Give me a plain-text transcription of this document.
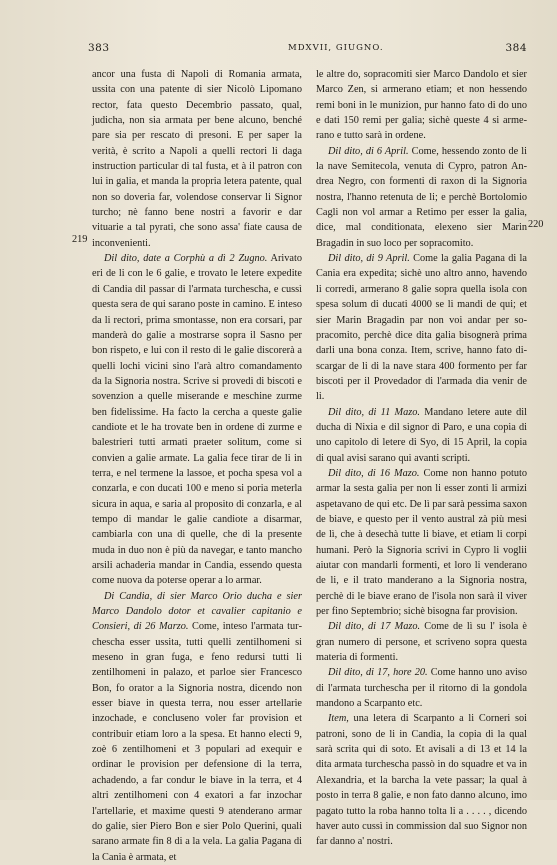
383	MDXVII, GIUGNO.	384
219
220

ancor una fusta di Napoli di Romania armata, ussita con una patente di sier Nicolò Lipomano rector, fata questo Decembrio passato, qual, judicha, non sia armata per bene alcuno, benché pare sia per rescato di presoni. E per saper la verità, è scrito a Napoli a quelli rectori li daga instruction particular di tal fusta, et à il patron con lui in galia, et manda la propria letera patente, qual non so doveria far, volendose conservar li Signor turcho; nè fanno bene nostri a favorir e dar vituarie a tal pyrati, che sono assa' fiate causa de inconvenienti.

Dil dito, date a Corphù a dì 2 Zugno. Arivato eri de li con le 6 galie, e trovato le letere expedite di Candia dil passar di l'armata turchescha, e cussì questa sera de qui sarano poste in camino. E inteso da li rectori, prima smontasse, non era corsari, par manderà do galie a mostrarse sopra il Sasno per bon rispeto, e lui con il resto di le galie discorerà a quelli lochi vicini sino l'arà altro comandamento da la Signoria nostra. Scrive si provedi di biscoti e sovenzion a quelle miserande e meschine zurme ben fidelissime. Ha facto la cercha a queste galie candiote et le ha trovate ben in ordene di zurme e balestrieri tutti armati praeter solitum, come si convien a galie armate. La galia fece tirar de li in terra, e nel termene la lassoe, et pocha spesa vol a conzarla, e con ducati 100 e meno si poria meterla sicura in aqua, e saria al proposito di conzarla, e al tempo di mandar le galie candiote a disarmar, cambiarla con una di quelle, che di la presente muda in duo non è più da navegar, e tanto mancho arsili achaderia mandar in Candia, essendo questa come nuova da poterse operar a lo armar.

Di Candia, di sier Marco Orio ducha e sier Marco Dandolo dotor et cavalier capitanio e Consieri, di 26 Marzo. Come, inteso l'armata turchescha esser ussita, tutti quelli zentilhomeni si meseno in gran fuga, e feno redursi tutti li zentilhomeni in palazo, et parloe sier Francesco Bon, fo orator a la Signoria nostra, dicendo non esser biave in questa terra, nou esser artellarie inzochade, e concluseno voler far provision et contribuir etiam loro a la spesa. Et hanno electi 9, zoè 6 zentilhomeni et 3 populari ad exequir e ordinar le provision per defensione di la terra, achadendo, a far condur le biave in la terra, et 4 altri zentilhomeni con 4 exatori a far inzochar l'artellarie, et maxime questi 9 atenderano armar do galie, sier Piero Bon e sier Polo Querini, quali sarano armate fin 8 di a la vela. La galia Pagana di la Cania è armata, et

le altre do, sopracomiti sier Marco Dandolo et sier Marco Zen, si armerano etiam; et non hessendo remi boni in le munizion, pur hanno fato di do uno e dati 150 remi per galia; sichè queste 4 si armerano e tutto sarà in ordene.

Dil dito, di 6 April. Come, hessendo zonto de li la nave Semitecola, venuta di Cypro, patron Andrea Negro, con formenti di raxon di la Signoria nostra, l'hanno retenuta de li; e perchè Bortolomio Cagli non vol armar a Retimo per esser la galia, dice, mal conditionata, elexeno sier Marin Bragadin in suo loco per sopracomito.

Dil dito, di 9 April. Come la galia Pagana di la Cania era expedita; sichè uno altro anno, havendo li corredi, armerano 8 galie sopra quella isola con spesa solum di ducati 4000 se li mandi de qui; et sier Marin Bragadin par non voi andar per sopracomito, perchè dice dita galia bisognerà prima darli una bona conza. Item, scrive, hanno fato discargar de li di la nave stara 400 formento per far biscoti per il Provedador di l'armada dia venir de li.

Dil dito, di 11 Mazo. Mandano letere aute dil ducha di Nixia e dil signor di Paro, e una copia di uno capitolo di letere di Syo, di 15 April, la copia di qual avisi sarano qui avanti scripti.

Dil dito, di 16 Mazo. Come non hanno potuto armar la sesta galia per non li esser zonti li armizi aspetavano de qui etc. De lì par sarà pessima saxon de biave, e questo per il vento austral zà più mesi de lì, che à desechà tutte li biave, et etiam li corpi humani. Però la Signoria scrivi in Cypro li voglii aiutar con mandarli formenti, et loro li venderano de li, e il trato manderano a la Signoria nostra, perchè di le biave erano de l'isola non sarà il viver per fino Septembrio; sichè bisogna far provision.

Dil dito, di 17 Mazo. Come de lì su l' isola è gran numero di persone, et scriveno sopra questa materia di formenti.

Dil dito, di 17, hore 20. Come hanno uno aviso di l'armata turchescha per il ritorno di la gondola mandono a Scarpanto etc.

Item, una letera di Scarpanto a li Corneri soi patroni, sono de li in Candia, la copia di la qual sarà scrita qui di soto. Et avisali a di 13 et 14 la dita armata turchescha passò in do squadre et va in Alexandria, et la barcha la vete passar; la qual à posto in terra 8 galie, e non fato danno alcuno, imo pagato tutto la roba hanno tolta li a . . . . , dicendo haver auto cussì in commission dal suo Signor non far danno a' nostri.
